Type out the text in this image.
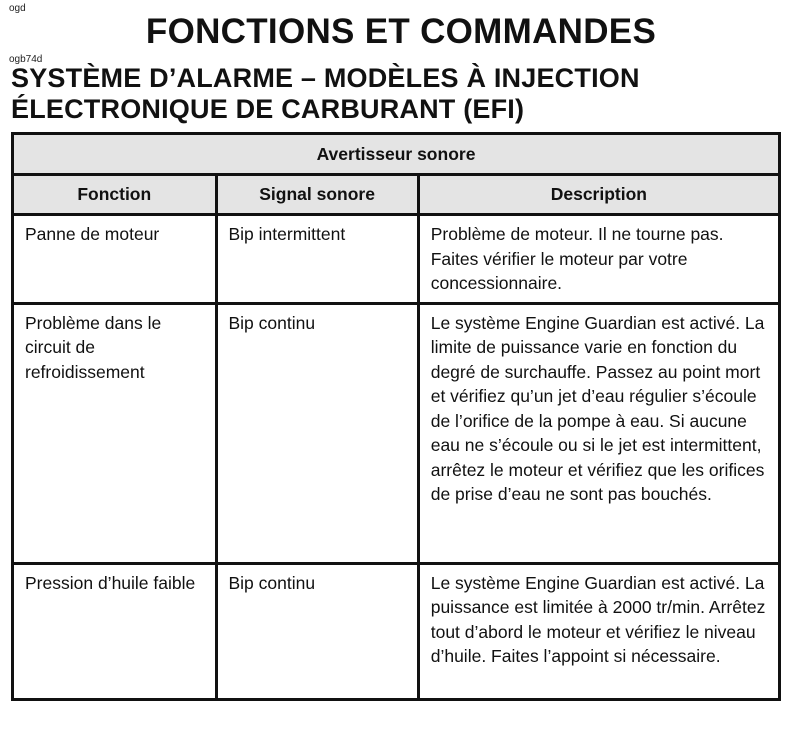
ogd
FONCTIONS ET COMMANDES
ogb74d
SYSTÈME D’ALARME – MODÈLES À INJECTION
ÉLECTRONIQUE DE CARBURANT (EFI)
Avertisseur sonore		
Fonction	Signal sonore	Description
Panne de moteur	Bip intermittent	Problème de moteur. Il ne tourne pas. Faites vérifier le moteur par votre concessionnaire.
Problème dans le circuit de refroidissement	Bip continu	Le système Engine Guardian est activé. La limite de puissance varie en fonction du degré de surchauffe. Passez au point mort et vérifiez qu’un jet d’eau régulier s’écoule de l’orifice de la pompe à eau. Si aucune eau ne s’écoule ou si le jet est intermittent, arrêtez le moteur et vérifiez que les orifices de prise d’eau ne sont pas bouchés.
Pression d’huile faible	Bip continu	Le système Engine Guardian est activé. La puissance est limitée à 2000 tr/min. Arrêtez tout d’abord le moteur et vérifiez le niveau d’huile. Faites l’appoint si nécessaire.
